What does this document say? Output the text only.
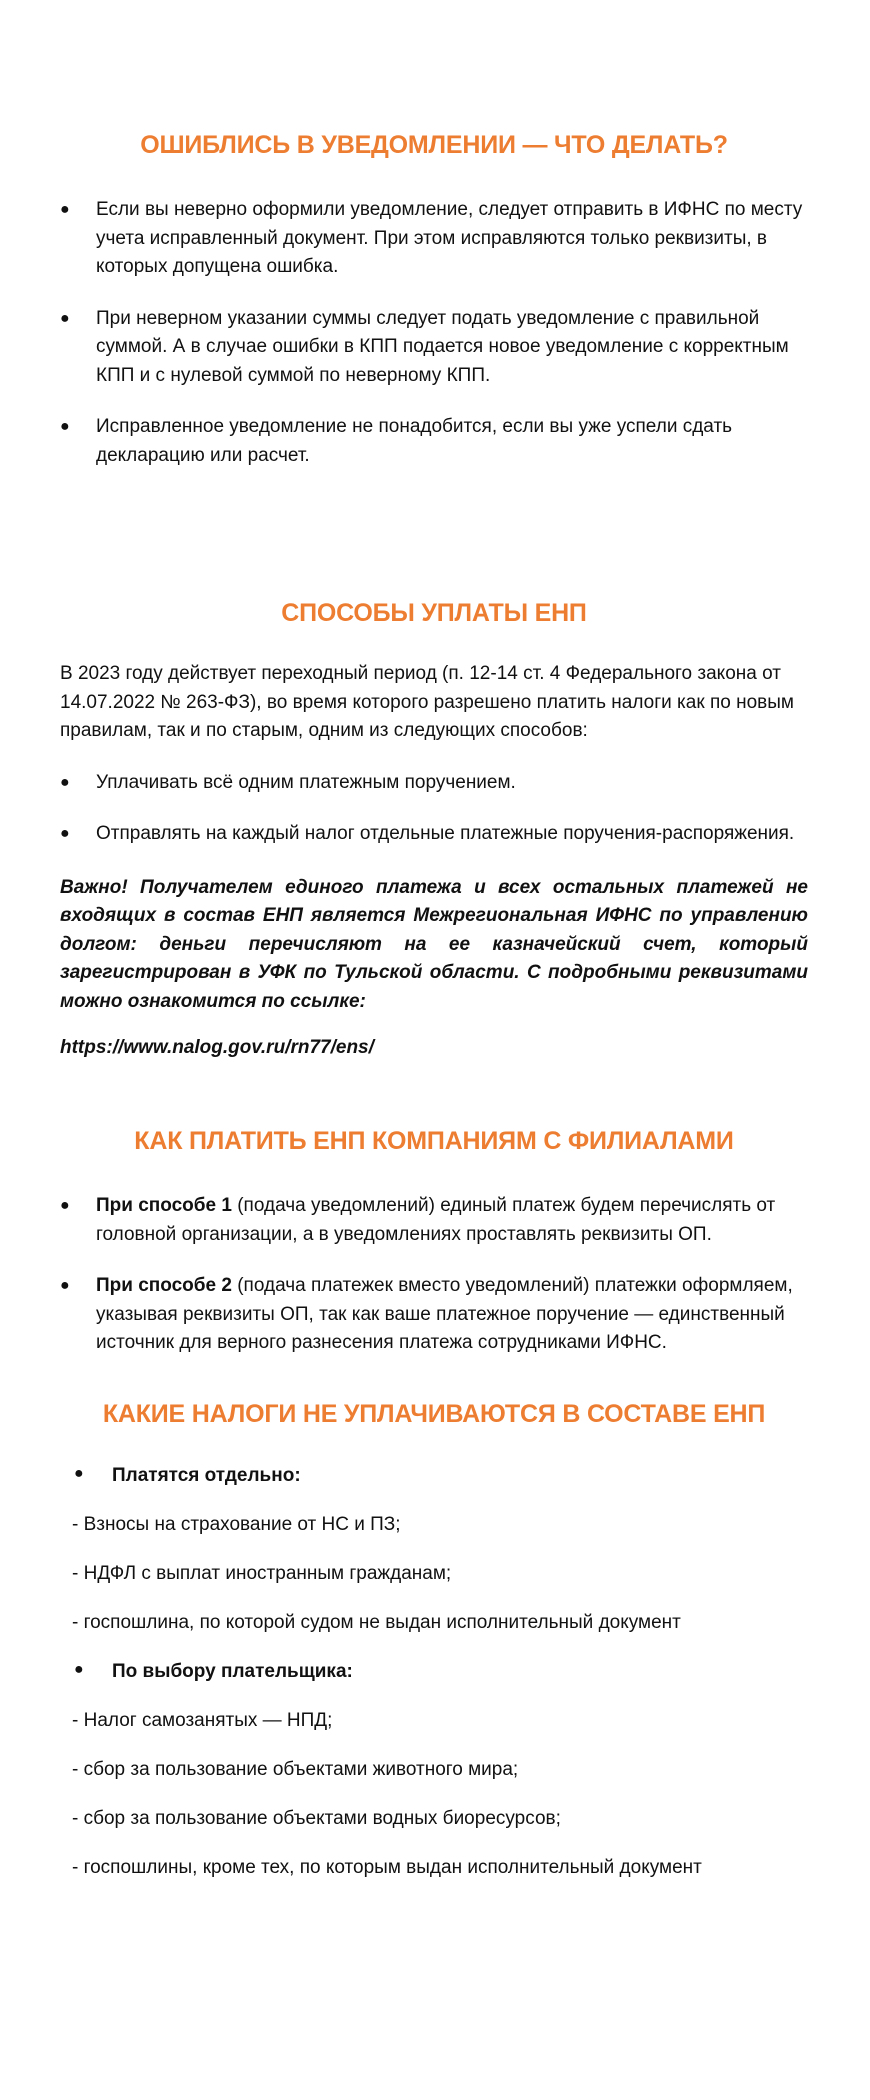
ОШИБЛИСЬ В УВЕДОМЛЕНИИ — ЧТО ДЕЛАТЬ?
● Если вы неверно оформили уведомление, следует отправить в ИФНС по месту учета исправленный документ. При этом исправляются только реквизиты, в которых допущена ошибка.
● При неверном указании суммы следует подать уведомление с правильной суммой. А в случае ошибки в КПП подается новое уведомление с корректным КПП и с нулевой суммой по неверному КПП.
● Исправленное уведомление не понадобится, если вы уже успели сдать декларацию или расчет.
СПОСОБЫ УПЛАТЫ ЕНП

В 2023 году действует переходный период (п. 12-14 ст. 4 Федерального закона от 14.07.2022 № 263-ФЗ), во время которого разрешено платить налоги как по новым правилам, так и по старым, одним из следующих способов:

● Уплачивать всё одним платежным поручением.
● Отправлять на каждый налог отдельные платежные поручения-распоряжения.

Важно! Получателем единого платежа и всех остальных платежей не входящих в состав ЕНП является Межрегиональная ИФНС по управлению долгом: деньги перечисляют на ее казначейский счет, который зарегистрирован в УФК по Тульской области. С подробными реквизитами можно ознакомится по ссылке:

https://www.nalog.gov.ru/rn77/ens/

КАК ПЛАТИТЬ ЕНП КОМПАНИЯМ С ФИЛИАЛАМИ
● При способе 1 (подача уведомлений) единый платеж будем перечислять от головной организации, а в уведомлениях проставлять реквизиты ОП.
● При способе 2 (подача платежек вместо уведомлений) платежки оформляем, указывая реквизиты ОП, так как ваше платежное поручение — единственный источник для верного разнесения платежа сотрудниками ИФНС.
КАКИЕ НАЛОГИ НЕ УПЛАЧИВАЮТСЯ В СОСТАВЕ ЕНП

● Платятся отдельно:

- Взносы на страхование от НС и ПЗ;

- НДФЛ с выплат иностранным гражданам;

- госпошлина, по которой судом не выдан исполнительный документ

● По выбору плательщика:

- Налог самозанятых — НПД;

- сбор за пользование объектами животного мира;

- сбор за пользование объектами водных биоресурсов;

- госпошлины, кроме тех, по которым выдан исполнительный документ
